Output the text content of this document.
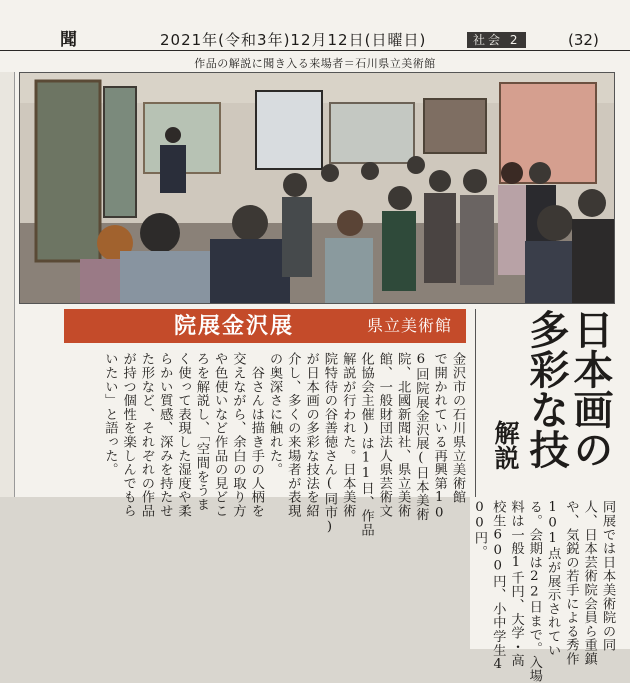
聞	2021年(令和3年)12月12日(日曜日)	社会 2	(32)
作品の解説に聞き入る来場者＝石川県立美術館
院展金沢展	県立美術館	日本画の
多彩な技
解説
金沢市の石川県立美術館
で開かれている再興第10
6回院展金沢展(日本美術
院、北國新聞社、県立美術
館、一般財団法人県芸術文
化協会主催)は11日、作品
解説が行われた。日本美術
院特待の谷善徳さん(同市)
が日本画の多彩な技法を紹
介し、多くの来場者が表現
の奥深さに触れた。
　谷さんは描き手の人柄を
交えながら、余白の取り方
や色使いなど作品の見どこ
ろを解説し、「空間をうま
く使って表現した湿度や柔
らかい質感、深みを持たせ
た形など、それぞれの作品
が持つ個性を楽しんでもら
いたい」と語った。
同展では日本美術院の同
人、日本芸術院会員ら重鎮
や、気鋭の若手による秀作
101点が展示されてい
る。会期は22日まで。入場
料は一般1千円、大学・高
校生600円、小中学生4
00円。
